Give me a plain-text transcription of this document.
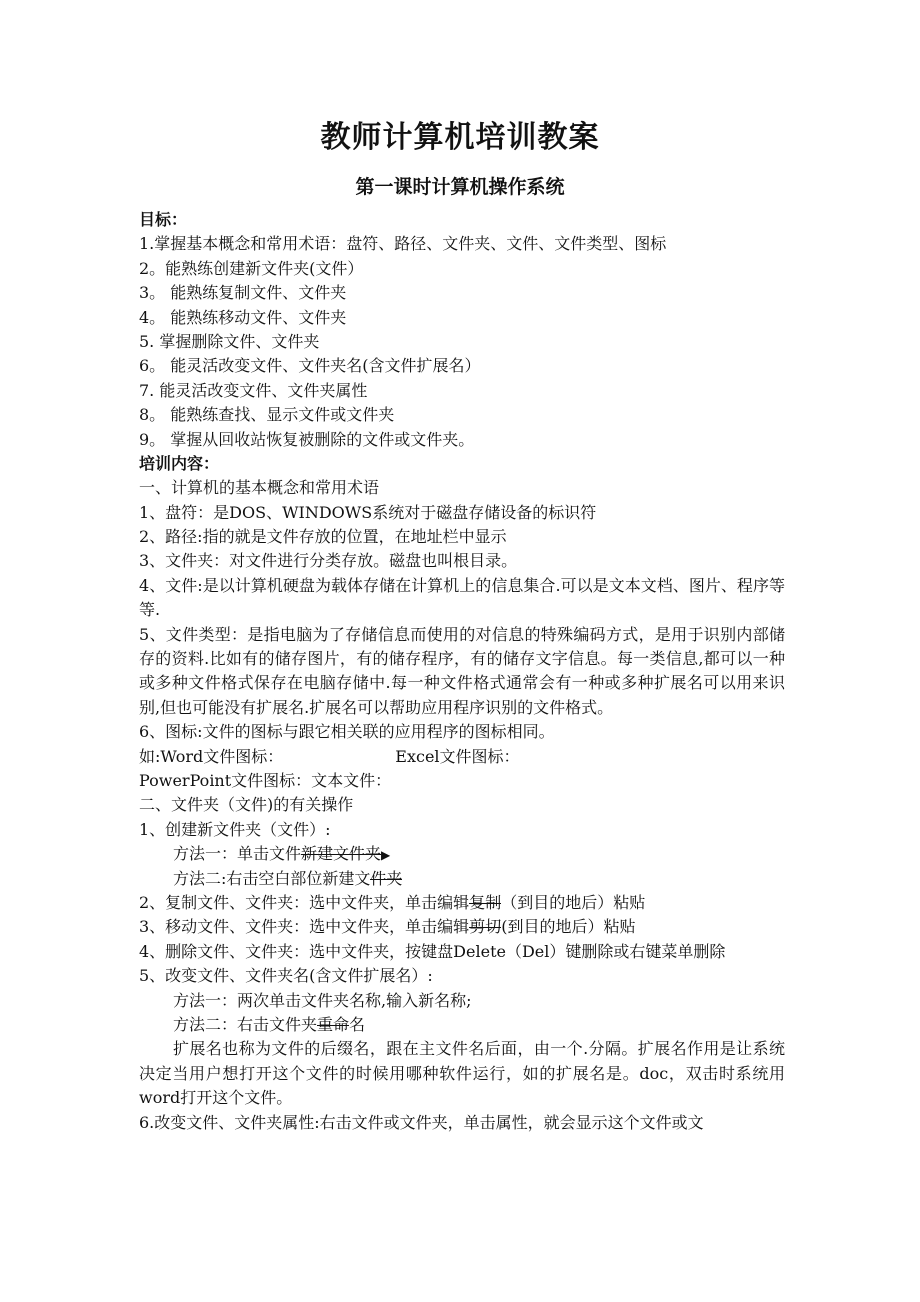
教师计算机培训教案
第一课时计算机操作系统
目标：
1.掌握基本概念和常用术语：盘符、路径、文件夹、文件、文件类型、图标
2。能熟练创建新文件夹(文件）
3。 能熟练复制文件、文件夹
4。 能熟练移动文件、文件夹
5. 掌握删除文件、文件夹
6。 能灵活改变文件、文件夹名(含文件扩展名）
7. 能灵活改变文件、文件夹属性
8。 能熟练查找、显示文件或文件夹
9。 掌握从回收站恢复被删除的文件或文件夹。
培训内容：
一、计算机的基本概念和常用术语
1、盘符：是DOS、WINDOWS系统对于磁盘存储设备的标识符
2、路径:指的就是文件存放的位置，在地址栏中显示
3、文件夹：对文件进行分类存放。磁盘也叫根目录。
4、文件:是以计算机硬盘为载体存储在计算机上的信息集合.可以是文本文档、图片、程序等等.
5、文件类型：是指电脑为了存储信息而使用的对信息的特殊编码方式，是用于识别内部储存的资料.比如有的储存图片，有的储存程序，有的储存文字信息。每一类信息,都可以一种或多种文件格式保存在电脑存储中.每一种文件格式通常会有一种或多种扩展名可以用来识别,但也可能没有扩展名.扩展名可以帮助应用程序识别的文件格式。
6、图标:文件的图标与跟它相关联的应用程序的图标相同。
如:Word文件图标：	Excel文件图标：
PowerPoint文件图标：文本文件：
二、文件夹（文件)的有关操作
1、创建新文件夹（文件）:
方法一：单击文件新建文件夹▶
方法二:右击空白部位新建文件夹
2、复制文件、文件夹：选中文件夹，单击编辑复制（到目的地后）粘贴
3、移动文件、文件夹：选中文件夹，单击编辑剪切(到目的地后）粘贴
4、删除文件、文件夹：选中文件夹，按键盘Delete（Del）键删除或右键菜单删除
5、改变文件、文件夹名(含文件扩展名）:
方法一：两次单击文件夹名称,输入新名称;
方法二：右击文件夹重命名
扩展名也称为文件的后缀名，跟在主文件名后面，由一个.分隔。扩展名作用是让系统决定当用户想打开这个文件的时候用哪种软件运行，如的扩展名是。doc，双击时系统用word打开这个文件。
6.改变文件、文件夹属性:右击文件或文件夹，单击属性，就会显示这个文件或文
